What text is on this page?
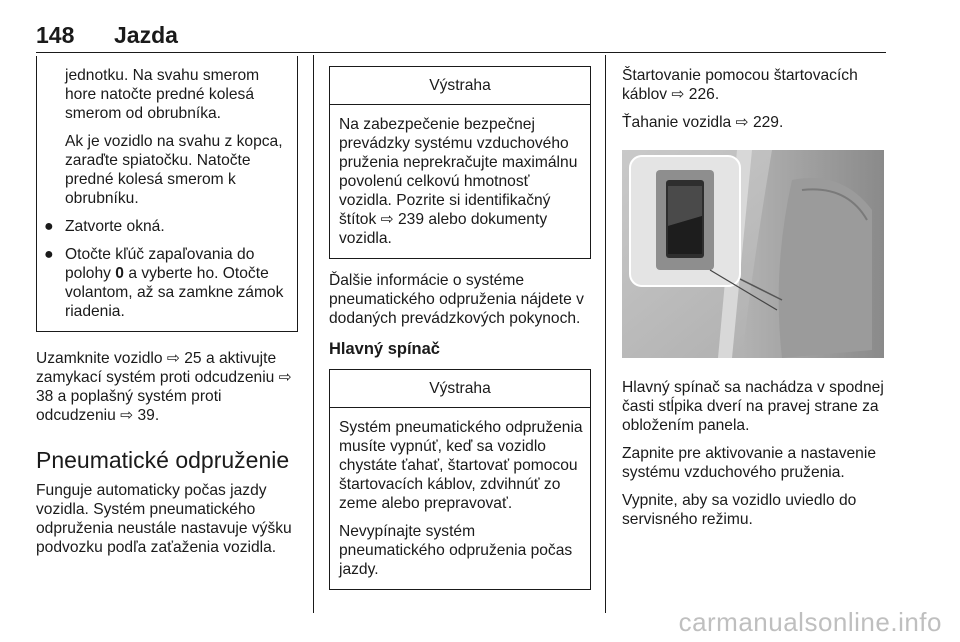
148 Jazda

jednotku. Na svahu smerom hore natočte predné kolesá smerom od obrubníka.

Ak je vozidlo na svahu z kopca, zaraďte spiatočku. Natočte predné kolesá smerom k obrubníku.

● Zatvorte okná.
● Otočte kľúč zapaľovania do polohy 0 a vyberte ho. Otočte volantom, až sa zamkne zámok riadenia.

Uzamknite vozidlo ⇨ 25 a aktivujte zamykací systém proti odcudzeniu ⇨ 38 a poplašný systém proti odcudzeniu ⇨ 39.

Pneumatické odpruženie

Funguje automaticky počas jazdy vozidla. Systém pneumatického odpruženia neustále nastavuje výšku podvozku podľa zaťaženia vozidla.

Výstraha

Na zabezpečenie bezpečnej prevádzky systému vzduchového pruženia neprekračujte maximálnu povolenú celkovú hmotnosť vozidla. Pozrite si identifikačný štítok ⇨ 239 alebo dokumenty vozidla.

Ďalšie informácie o systéme pneumatického odpruženia nájdete v dodaných prevádzkových pokynoch.

Hlavný spínač
Výstraha

Systém pneumatického odpruženia musíte vypnúť, keď sa vozidlo chystáte ťahať, štartovať pomocou štartovacích káblov, zdvihnúť zo zeme alebo prepravovať.

Nevypínajte systém pneumatického odpruženia počas jazdy.

Štartovanie pomocou štartovacích káblov ⇨ 226.

Ťahanie vozidla ⇨ 229.

Hlavný spínač sa nachádza v spodnej časti stĺpika dverí na pravej strane za obložením panela.

Zapnite pre aktivovanie a nastavenie systému vzduchového pruženia.

Vypnite, aby sa vozidlo uviedlo do servisného režimu.

carmanualsonline.info
